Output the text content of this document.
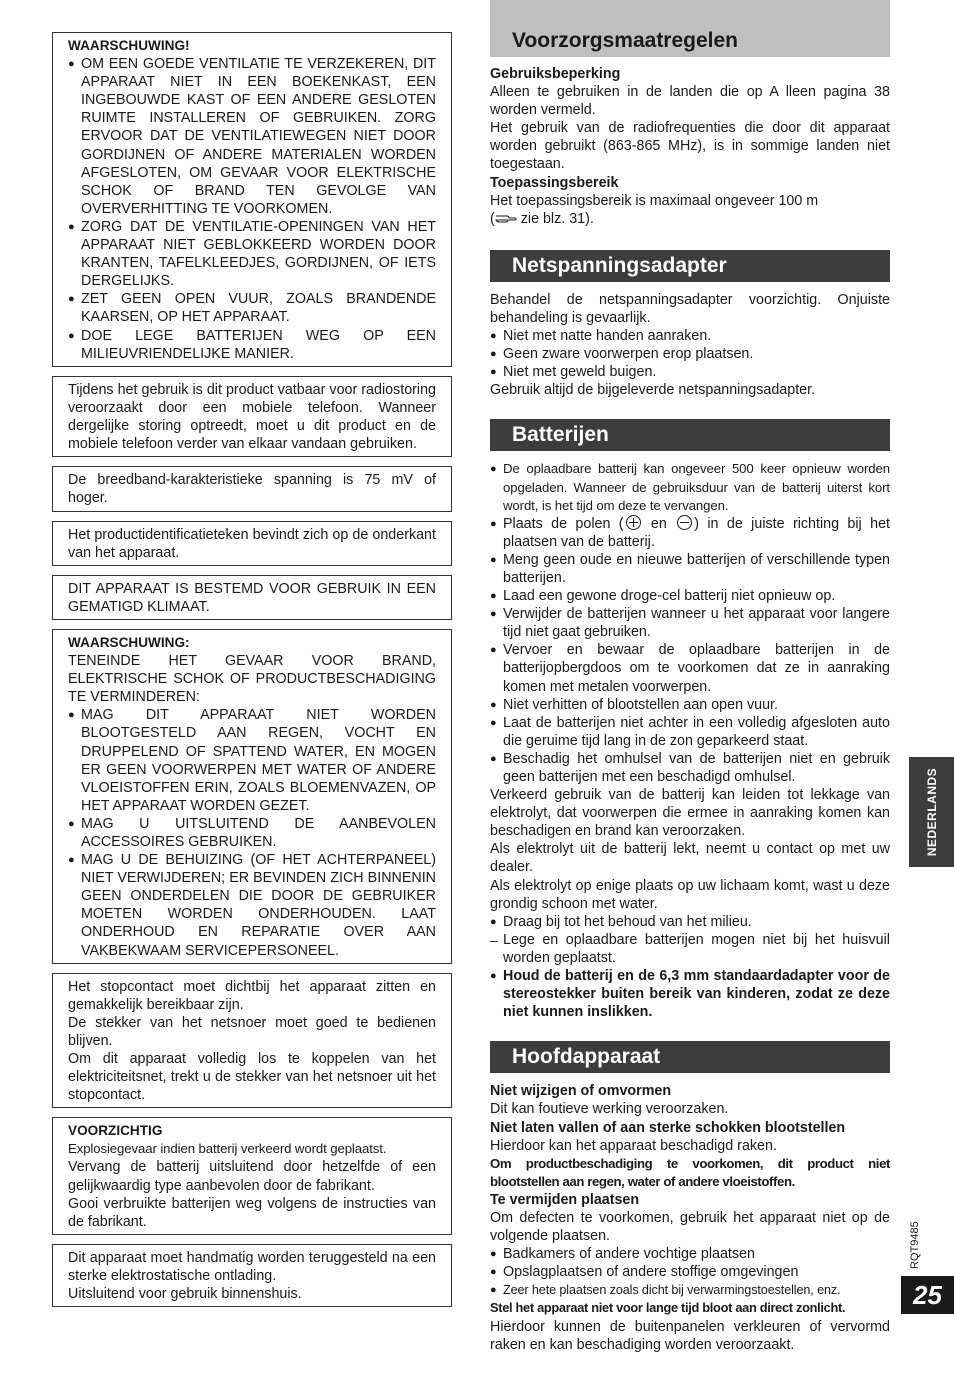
WAARSCHUWING!
● OM EEN GOEDE VENTILATIE TE VERZEKEREN, DIT APPARAAT NIET IN EEN BOEKENKAST, EEN INGEBOUWDE KAST OF EEN ANDERE GESLOTEN RUIMTE INSTALLEREN OF GEBRUIKEN. ZORG ERVOOR DAT DE VENTILATIEWEGEN NIET DOOR GORDIJNEN OF ANDERE MATERIALEN WORDEN AFGESLOTEN, OM GEVAAR VOOR ELEKTRISCHE SCHOK OF BRAND TEN GEVOLGE VAN OVERVERHITTING TE VOORKOMEN.
● ZORG DAT DE VENTILATIE-OPENINGEN VAN HET APPARAAT NIET GEBLOKKEERD WORDEN DOOR KRANTEN, TAFELKLEEDJES, GORDIJNEN, OF IETS DERGELIJKS.
● ZET GEEN OPEN VUUR, ZOALS BRANDENDE KAARSEN, OP HET APPARAAT.
● DOE LEGE BATTERIJEN WEG OP EEN MILIEUVRIENDELIJKE MANIER.

Tijdens het gebruik is dit product vatbaar voor radiostoring veroorzaakt door een mobiele telefoon. Wanneer dergelijke storing optreedt, moet u dit product en de mobiele telefoon verder van elkaar vandaan gebruiken.

De breedband-karakteristieke spanning is 75 mV of hoger.

Het productidentificatieteken bevindt zich op de onderkant van het apparaat.

DIT APPARAAT IS BESTEMD VOOR GEBRUIK IN EEN GEMATIGD KLIMAAT.

WAARSCHUWING:

TENEINDE HET GEVAAR VOOR BRAND, ELEKTRISCHE SCHOK OF PRODUCTBESCHADIGING TE VERMINDEREN:

● MAG DIT APPARAAT NIET WORDEN BLOOTGESTELD AAN REGEN, VOCHT EN DRUPPELEND OF SPATTEND WATER, EN MOGEN ER GEEN VOORWERPEN MET WATER OF ANDERE VLOEISTOFFEN ERIN, ZOALS BLOEMENVAZEN, OP HET APPARAAT WORDEN GEZET.
● MAG U UITSLUITEND DE AANBEVOLEN ACCESSOIRES GEBRUIKEN.
● MAG U DE BEHUIZING (OF HET ACHTERPANEEL) NIET VERWIJDEREN; ER BEVINDEN ZICH BINNENIN GEEN ONDERDELEN DIE DOOR DE GEBRUIKER MOETEN WORDEN ONDERHOUDEN. LAAT ONDERHOUD EN REPARATIE OVER AAN VAKBEKWAAM SERVICEPERSONEEL.

Het stopcontact moet dichtbij het apparaat zitten en gemakkelijk bereikbaar zijn.

De stekker van het netsnoer moet goed te bedienen blijven.

Om dit apparaat volledig los te koppelen van het elektriciteitsnet, trekt u de stekker van het netsnoer uit het stopcontact.

VOORZICHTIG

Explosiegevaar indien batterij verkeerd wordt geplaatst.

Vervang de batterij uitsluitend door hetzelfde of een gelijkwaardig type aanbevolen door de fabrikant.

Gooi verbruikte batterijen weg volgens de instructies van de fabrikant.

Dit apparaat moet handmatig worden teruggesteld na een sterke elektrostatische ontlading.

Uitsluitend voor gebruik binnenshuis.

Voorzorgsmaatregelen

Gebruiksbeperking

Alleen te gebruiken in de landen die op A lleen pagina 38 worden vermeld.

Het gebruik van de radiofrequenties die door dit apparaat worden gebruikt (863-865 MHz), is in sommige landen niet toegestaan.

Toepassingsbereik

Het toepassingsbereik is maximaal ongeveer 100 m

( zie blz. 31).

Netspanningsadapter

Behandel de netspanningsadapter voorzichtig. Onjuiste behandeling is gevaarlijk.

● Niet met natte handen aanraken.
● Geen zware voorwerpen erop plaatsen.
● Niet met geweld buigen.

Gebruik altijd de bijgeleverde netspanningsadapter.

Batterijen
● De oplaadbare batterij kan ongeveer 500 keer opnieuw worden opgeladen. Wanneer de gebruiksduur van de batterij uiterst kort wordt, is het tijd om deze te vervangen.
● Plaats de polen ( en ) in de juiste richting bij het plaatsen van de batterij.
● Meng geen oude en nieuwe batterijen of verschillende typen batterijen.
● Laad een gewone droge-cel batterij niet opnieuw op.
● Verwijder de batterijen wanneer u het apparaat voor langere tijd niet gaat gebruiken.
● Vervoer en bewaar de oplaadbare batterijen in de batterijopbergdoos om te voorkomen dat ze in aanraking komen met metalen voorwerpen.
● Niet verhitten of blootstellen aan open vuur.
● Laat de batterijen niet achter in een volledig afgesloten auto die geruime tijd lang in de zon geparkeerd staat.
● Beschadig het omhulsel van de batterijen niet en gebruik geen batterijen met een beschadigd omhulsel.

Verkeerd gebruik van de batterij kan leiden tot lekkage van elektrolyt, dat voorwerpen die ermee in aanraking komen kan beschadigen en brand kan veroorzaken.

Als elektrolyt uit de batterij lekt, neemt u contact op met uw dealer.

Als elektrolyt op enige plaats op uw lichaam komt, wast u deze grondig schoon met water.

● Draag bij tot het behoud van het milieu.
– Lege en oplaadbare batterijen mogen niet bij het huisvuil worden geplaatst.
● Houd de batterij en de 6,3 mm standaardadapter voor de stereostekker buiten bereik van kinderen, zodat ze deze niet kunnen inslikken.
Hoofdapparaat

Niet wijzigen of omvormen

Dit kan foutieve werking veroorzaken.

Niet laten vallen of aan sterke schokken blootstellen

Hierdoor kan het apparaat beschadigd raken.

Om productbeschadiging te voorkomen, dit product niet blootstellen aan regen, water of andere vloeistoffen.

Te vermijden plaatsen

Om defecten te voorkomen, gebruik het apparaat niet op de volgende plaatsen.

● Badkamers of andere vochtige plaatsen
● Opslagplaatsen of andere stoffige omgevingen
● Zeer hete plaatsen zoals dicht bij verwarmingstoestellen, enz.

Stel het apparaat niet voor lange tijd bloot aan direct zonlicht.

Hierdoor kunnen de buitenpanelen verkleuren of vervormd raken en kan beschadiging worden veroorzaakt.

NEDERLANDS
RQT9485
25
